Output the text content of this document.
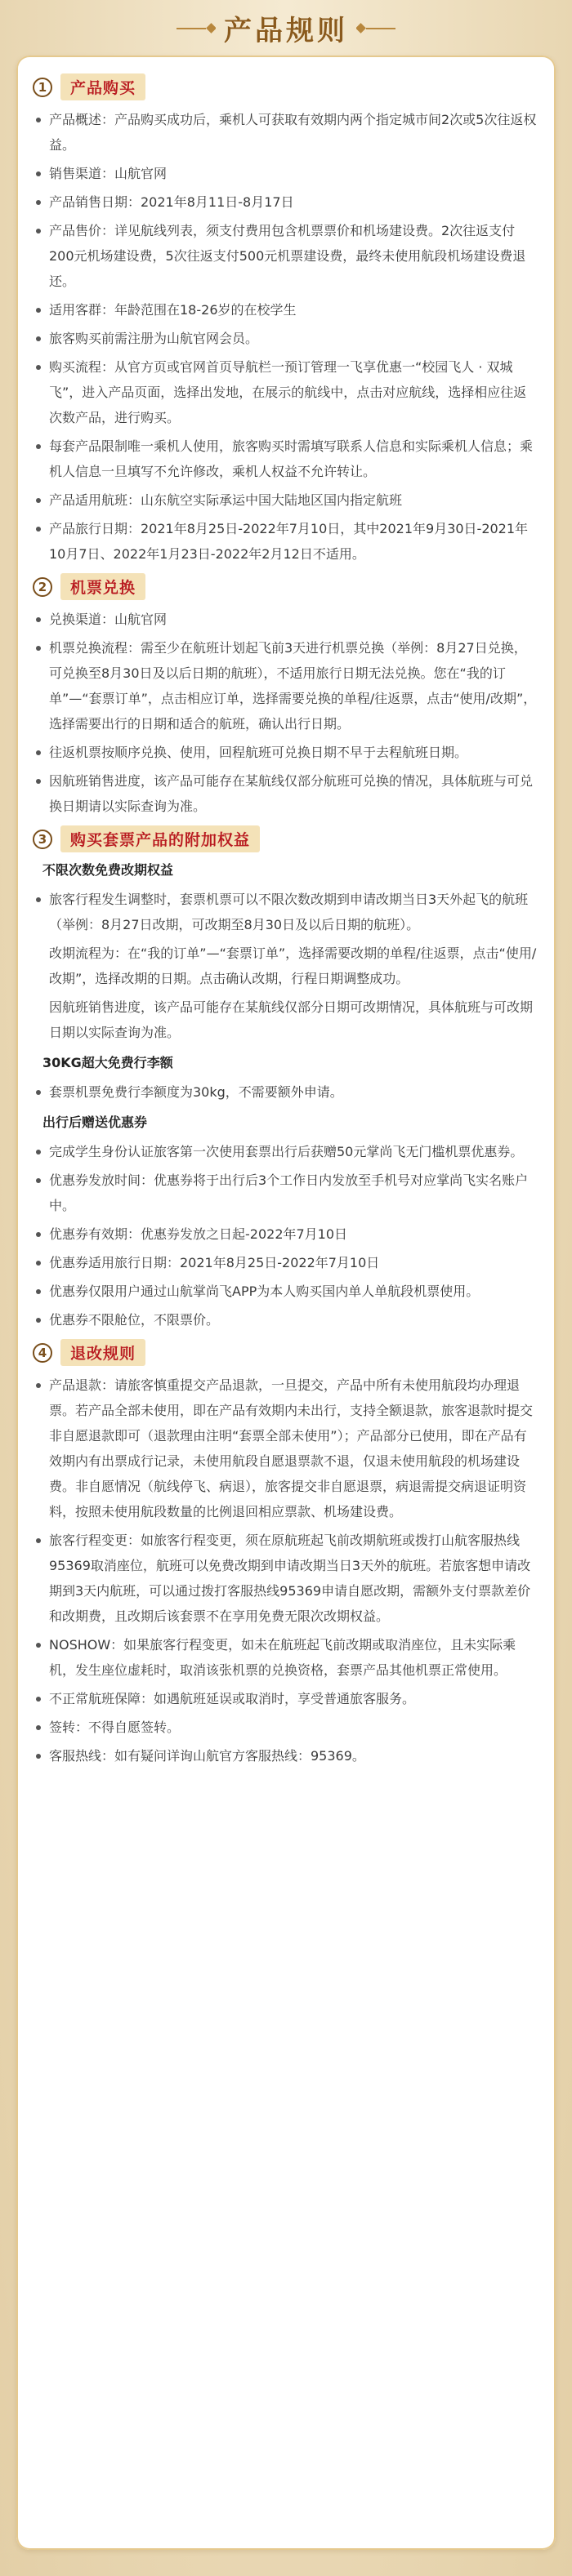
产品规则
1	产品购买
产品概述：产品购买成功后，乘机人可获取有效期内两个指定城市间2次或5次往返权益。
销售渠道：山航官网
产品销售日期：2021年8月11日-8月17日
产品售价：详见航线列表，须支付费用包含机票票价和机场建设费。2次往返支付200元机场建设费，5次往返支付500元机票建设费，最终未使用航段机场建设费退还。
适用客群：年龄范围在18-26岁的在校学生
旅客购买前需注册为山航官网会员。
购买流程：从官方页或官网首页导航栏一预订管理一飞享优惠一“校园飞人 · 双城飞”，进入产品页面，选择出发地，在展示的航线中，点击对应航线，选择相应往返次数产品，进行购买。
每套产品限制唯一乘机人使用，旅客购买时需填写联系人信息和实际乘机人信息；乘机人信息一旦填写不允许修改，乘机人权益不允许转让。
产品适用航班：山东航空实际承运中国大陆地区国内指定航班
产品旅行日期：2021年8月25日-2022年7月10日，其中2021年9月30日-2021年10月7日、2022年1月23日-2022年2月12日不适用。
2	机票兑换
兑换渠道：山航官网
机票兑换流程：需至少在航班计划起飞前3天进行机票兑换（举例：8月27日兑换，可兑换至8月30日及以后日期的航班），不适用旅行日期无法兑换。您在“我的订单”—“套票订单”，点击相应订单，选择需要兑换的单程/往返票，点击“使用/改期”，选择需要出行的日期和适合的航班，确认出行日期。
往返机票按顺序兑换、使用，回程航班可兑换日期不早于去程航班日期。
因航班销售进度，该产品可能存在某航线仅部分航班可兑换的情况，具体航班与可兑换日期请以实际查询为准。
3	购买套票产品的附加权益
不限次数免费改期权益
旅客行程发生调整时，套票机票可以不限次数改期到申请改期当日3天外起飞的航班（举例：8月27日改期，可改期至8月30日及以后日期的航班）。
改期流程为：在“我的订单”—“套票订单”，选择需要改期的单程/往返票，点击“使用/改期”，选择改期的日期。点击确认改期，行程日期调整成功。
因航班销售进度，该产品可能存在某航线仅部分日期可改期情况，具体航班与可改期日期以实际查询为准。
30KG超大免费行李额
套票机票免费行李额度为30kg，不需要额外申请。
出行后赠送优惠券
完成学生身份认证旅客第一次使用套票出行后获赠50元掌尚飞无门槛机票优惠券。
优惠券发放时间：优惠券将于出行后3个工作日内发放至手机号对应掌尚飞实名账户中。
优惠券有效期：优惠券发放之日起-2022年7月10日
优惠券适用旅行日期：2021年8月25日-2022年7月10日
优惠券仅限用户通过山航掌尚飞APP为本人购买国内单人单航段机票使用。
优惠券不限舱位，不限票价。
4	退改规则
产品退款：请旅客慎重提交产品退款，一旦提交，产品中所有未使用航段均办理退票。若产品全部未使用，即在产品有效期内未出行，支持全额退款，旅客退款时提交非自愿退款即可（退款理由注明“套票全部未使用”）；产品部分已使用，即在产品有效期内有出票成行记录，未使用航段自愿退票款不退，仅退未使用航段的机场建设费。非自愿情况（航线停飞、病退），旅客提交非自愿退票，病退需提交病退证明资料，按照未使用航段数量的比例退回相应票款、机场建设费。
旅客行程变更：如旅客行程变更，须在原航班起飞前改期航班或拨打山航客服热线95369取消座位，航班可以免费改期到申请改期当日3天外的航班。若旅客想申请改期到3天内航班，可以通过拨打客服热线95369申请自愿改期，需额外支付票款差价和改期费，且改期后该套票不在享用免费无限次改期权益。
NOSHOW：如果旅客行程变更，如未在航班起飞前改期或取消座位，且未实际乘机，发生座位虚耗时，取消该张机票的兑换资格，套票产品其他机票正常使用。
不正常航班保障：如遇航班延误或取消时，享受普通旅客服务。
签转：不得自愿签转。
客服热线：如有疑问详询山航官方客服热线：95369。
